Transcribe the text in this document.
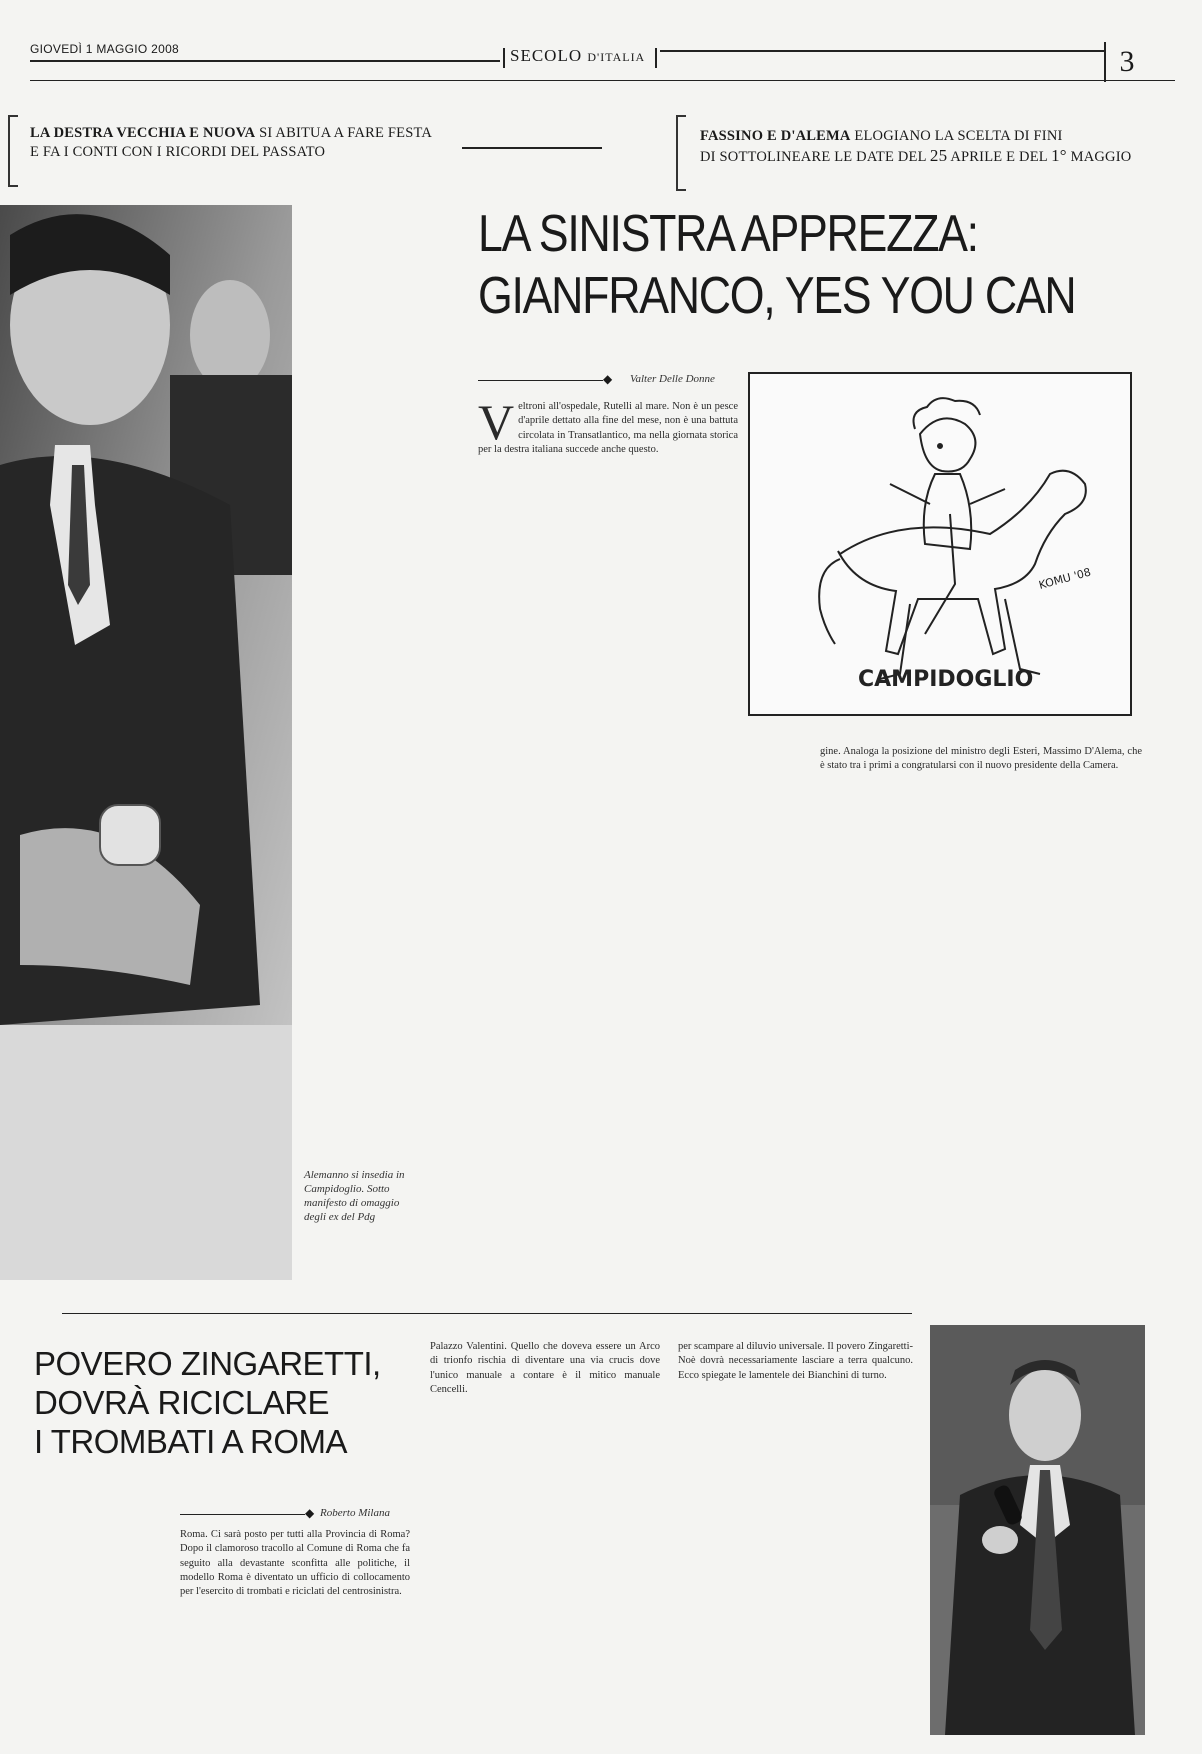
GIOVEDÌ 1 MAGGIO 2008	SECOLO D'ITALIA	3
LA DESTRA VECCHIA E NUOVA SI ABITUA A FARE FESTA
E FA I CONTI CON I RICORDI DEL PASSATO
FASSINO E D'ALEMA ELOGIANO LA SCELTA DI FINI
DI SOTTOLINEARE LE DATE DEL 25 APRILE E DEL 1° MAGGIO
Alemanno si insedia in Campidoglio. Sotto manifesto di omaggio degli ex del Pdg
LA SINISTRA APPREZZA:
GIANFRANCO, YES YOU CAN
◆ Valter Delle Donne
KOMU '08
CAMPIDOGLIO
V eltroni all'ospedale, Rutelli al mare. Non è un pesce d'aprile dettato alla fine del mese, non è una battuta circolata in Transatlantico, ma nella giornata storica per la destra italiana succede anche questo.
gine. Analoga la posizione del ministro degli Esteri, Massimo D'Alema, che è stato tra i primi a congratularsi con il nuovo presidente della Camera.
POVERO ZINGARETTI,
DOVRÀ RICICLARE
I TROMBATI A ROMA
◆ Roberto Milana
Roma. Ci sarà posto per tutti alla Provincia di Roma? Dopo il clamoroso tracollo al Comune di Roma che fa seguito alla devastante sconfitta alle politiche, il modello Roma è diventato un ufficio di collocamento per l'esercito di trombati e riciclati del centrosinistra.
Palazzo Valentini. Quello che doveva essere un Arco di trionfo rischia di diventare una via crucis dove l'unico manuale a contare è il mitico manuale Cencelli.
per scampare al diluvio universale. Il povero Zingaretti-Noè dovrà necessariamente lasciare a terra qualcuno. Ecco spiegate le lamentele dei Bianchini di turno.
